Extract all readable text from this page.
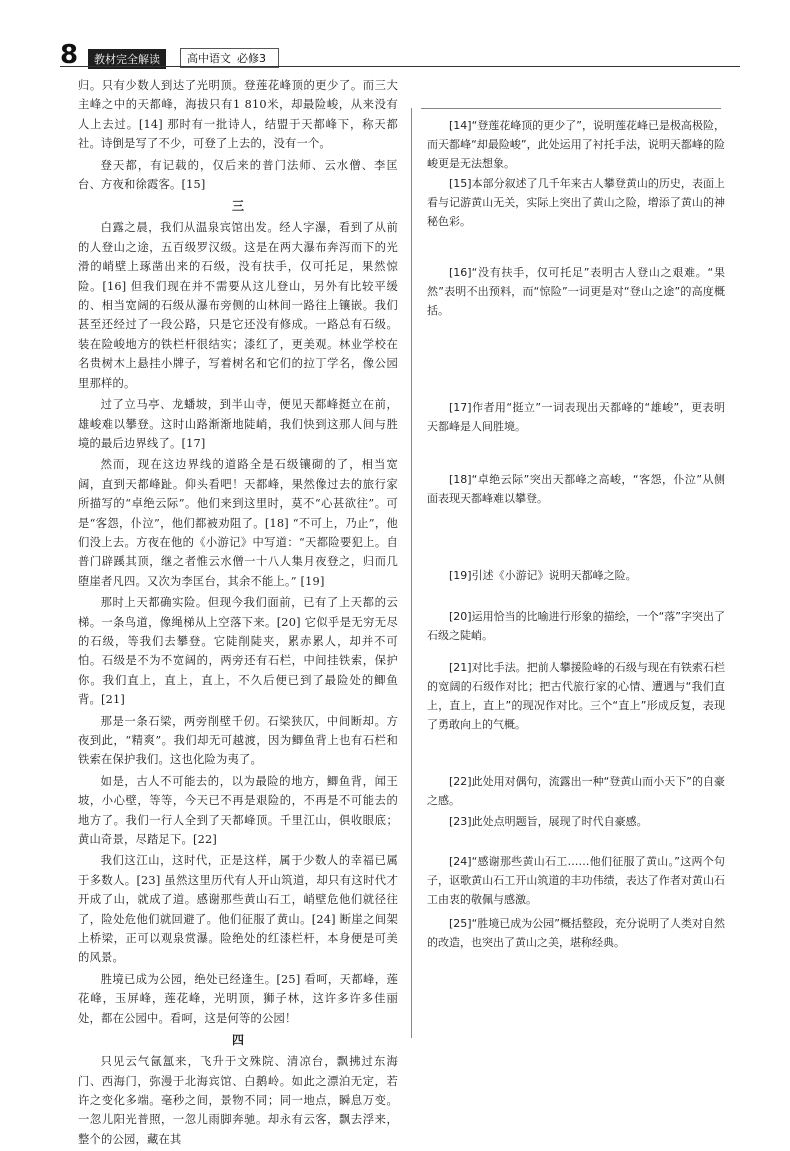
8	教材完全解读	高中语文 必修3

归。只有少数人到达了光明顶。登莲花峰顶的更少了。而三大主峰之中的天都峰，海拔只有1 810米，却最险峻，从来没有人上去过。[14] 那时有一批诗人，结盟于天都峰下，称天都社。诗倒是写了不少，可登了上去的，没有一个。

登天都，有记载的，仅后来的普门法师、云水僧、李匡台、方夜和徐霞客。[15]

三

白露之晨，我们从温泉宾馆出发。经人字瀑，看到了从前的人登山之途，五百级罗汉级。这是在两大瀑布奔泻而下的光滑的峭壁上琢凿出来的石级，没有扶手，仅可托足，果然惊险。[16] 但我们现在并不需要从这儿登山，另外有比较平缓的、相当宽阔的石级从瀑布旁侧的山林间一路往上镶嵌。我们甚至还经过了一段公路，只是它还没有修成。一路总有石级。装在险峻地方的铁栏杆很结实；漆红了，更美观。林业学校在名贵树木上悬挂小牌子，写着树名和它们的拉丁学名，像公园里那样的。

过了立马亭、龙蟠坡，到半山寺，便见天都峰挺立在前，雄峻难以攀登。这时山路渐渐地陡峭，我们快到这那人间与胜境的最后边界线了。[17]

然而，现在这边界线的道路全是石级镶砌的了，相当宽阔，直到天都峰趾。仰头看吧！天都峰，果然像过去的旅行家所描写的“卓绝云际”。他们来到这里时，莫不“心甚欲往”。可是“客怨，仆泣”，他们都被劝阻了。[18] “不可上，乃止”，他们没上去。方夜在他的《小游记》中写道：“天都险要犯上。自普门辟蹊其顶，继之者惟云水僧一十八人集月夜登之，归而几堕崖者凡四。又次为李匡台，其余不能上。” [19]

那时上天都确实险。但现今我们面前，已有了上天都的云梯。一条鸟道，像绳梯从上空落下来。[20] 它似乎是无穷无尽的石级，等我们去攀登。它陡削陡夹，累赤累人，却并不可怕。石级是不为不宽阔的，两旁还有石栏，中间挂铁索，保护你。我们直上，直上，直上，不久后便已到了最险处的鲫鱼背。[21]

那是一条石梁，两旁削壁千仞。石梁狭仄，中间断却。方夜到此，“精爽”。我们却无可越渡，因为鲫鱼背上也有石栏和铁索在保护我们。这也化险为夷了。

如是，古人不可能去的，以为最险的地方，鲫鱼背，闻王坡，小心壁，等等，今天已不再是艰险的，不再是不可能去的地方了。我们一行人全到了天都峰顶。千里江山，俱收眼底；黄山奇景，尽踏足下。[22]

我们这江山，这时代，正是这样，属于少数人的幸福已属于多数人。[23] 虽然这里历代有人开山筑道，却只有这时代才开成了山，就成了道。感谢那些黄山石工，峭壁危他们就径往了，险处危他们就回避了。他们征服了黄山。[24] 断崖之间架上桥梁，正可以观泉赏瀑。险绝处的红漆栏杆，本身便是可美的风景。

胜境已成为公园，绝处已经逢生。[25] 看呵，天都峰，莲花峰，玉屏峰，莲花峰，光明顶，狮子林，这许多许多佳丽处，都在公园中。看呵，这是何等的公园！

四

只见云气氤氲来，飞升于文殊院、清凉台，飘拂过东海门、西海门，弥漫于北海宾馆、白鹅岭。如此之漂泊无定，若许之变化多端。毫秒之间，景物不同；同一地点，瞬息万变。一忽儿阳光普照，一忽儿雨脚奔驰。却永有云客，飘去浮来，整个的公园，藏在其

[14]“登莲花峰顶的更少了”，说明莲花峰已是极高极险，而天都峰“却最险峻”，此处运用了衬托手法，说明天都峰的险峻更是无法想象。

[15]本部分叙述了几千年来古人攀登黄山的历史，表面上看与记游黄山无关，实际上突出了黄山之险，增添了黄山的神秘色彩。

[16]“没有扶手，仅可托足”表明古人登山之艰难。“果然”表明不出预料，而“惊险”一词更是对“登山之途”的高度概括。

[17]作者用“挺立”一词表现出天都峰的“雄峻”，更表明天都峰是人间胜境。

[18]“卓绝云际”突出天都峰之高峻，“客怨，仆泣”从侧面表现天都峰难以攀登。

[19]引述《小游记》说明天都峰之险。

[20]运用恰当的比喻进行形象的描绘，一个“落”字突出了石级之陡峭。

[21]对比手法。把前人攀援险峰的石级与现在有铁索石栏的宽阔的石级作对比；把古代旅行家的心情、遭遇与“我们直上，直上，直上”的现况作对比。三个“直上”形成反复，表现了勇敢向上的气概。

[22]此处用对偶句，流露出一种“登黄山而小天下”的自豪之感。

[23]此处点明题旨，展现了时代自豪感。

[24]“感谢那些黄山石工……他们征服了黄山。”这两个句子，讴歌黄山石工开山筑道的丰功伟绩，表达了作者对黄山石工由衷的敬佩与感激。

[25]“胜境已成为公园”概括整段，充分说明了人类对自然的改造，也突出了黄山之美，堪称经典。
